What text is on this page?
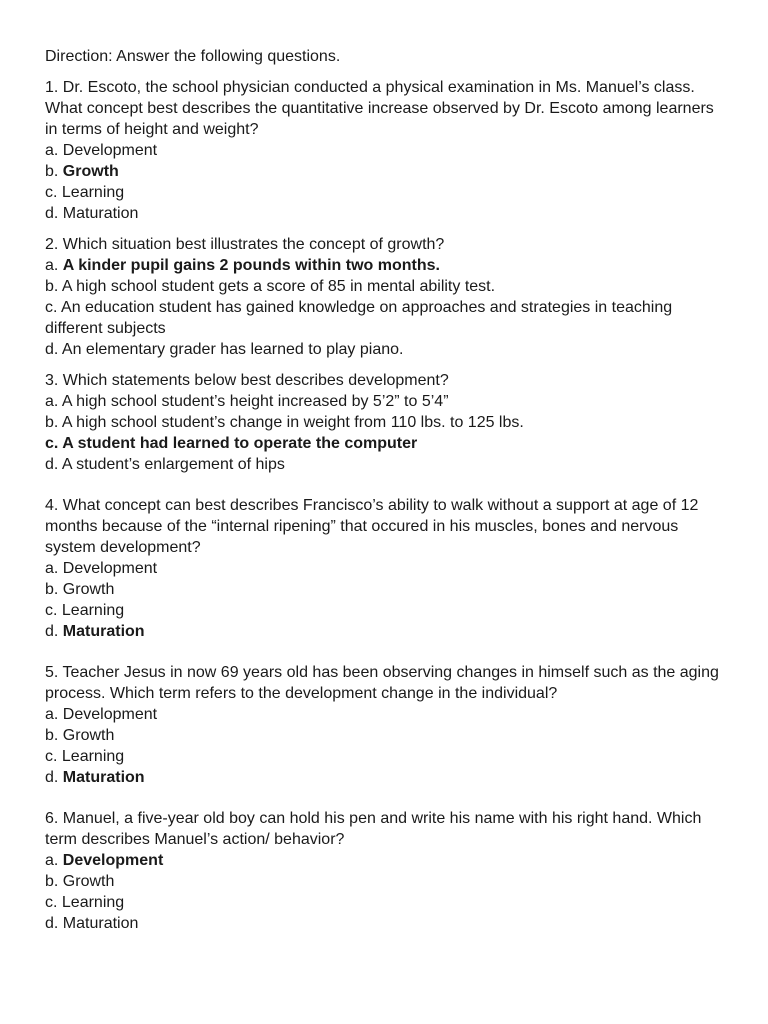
Direction: Answer the following questions.

1. Dr. Escoto, the school physician conducted a physical examination in Ms. Manuel’s class. What concept best describes the quantitative increase observed by Dr. Escoto among learners in terms of height and weight?

a. Development
b. Growth
c. Learning
d. Maturation

2. Which situation best illustrates the concept of growth?

a. A kinder pupil gains 2 pounds within two months.
b. A high school student gets a score of 85 in mental ability test.
c. An education student has gained knowledge on approaches and strategies in teaching different subjects
d. An elementary grader has learned to play piano.

3. Which statements below best describes development?

a. A high school student’s height increased by 5’2” to 5’4”
b. A high school student’s change in weight from 110 lbs. to 125 lbs.
c. A student had learned to operate the computer
d. A student’s enlargement of hips

4. What concept can best describes Francisco’s ability to walk without a support at age of 12 months because of the “internal ripening” that occured in his muscles, bones and nervous system development?

a. Development
b. Growth
c. Learning
d. Maturation

5. Teacher Jesus in now 69 years old has been observing changes in himself such as the aging process. Which term refers to the development change in the individual?

a. Development
b. Growth
c. Learning
d. Maturation

6. Manuel, a five-year old boy can hold his pen and write his name with his right hand. Which term describes Manuel’s action/ behavior?

a. Development
b. Growth
c. Learning
d. Maturation
